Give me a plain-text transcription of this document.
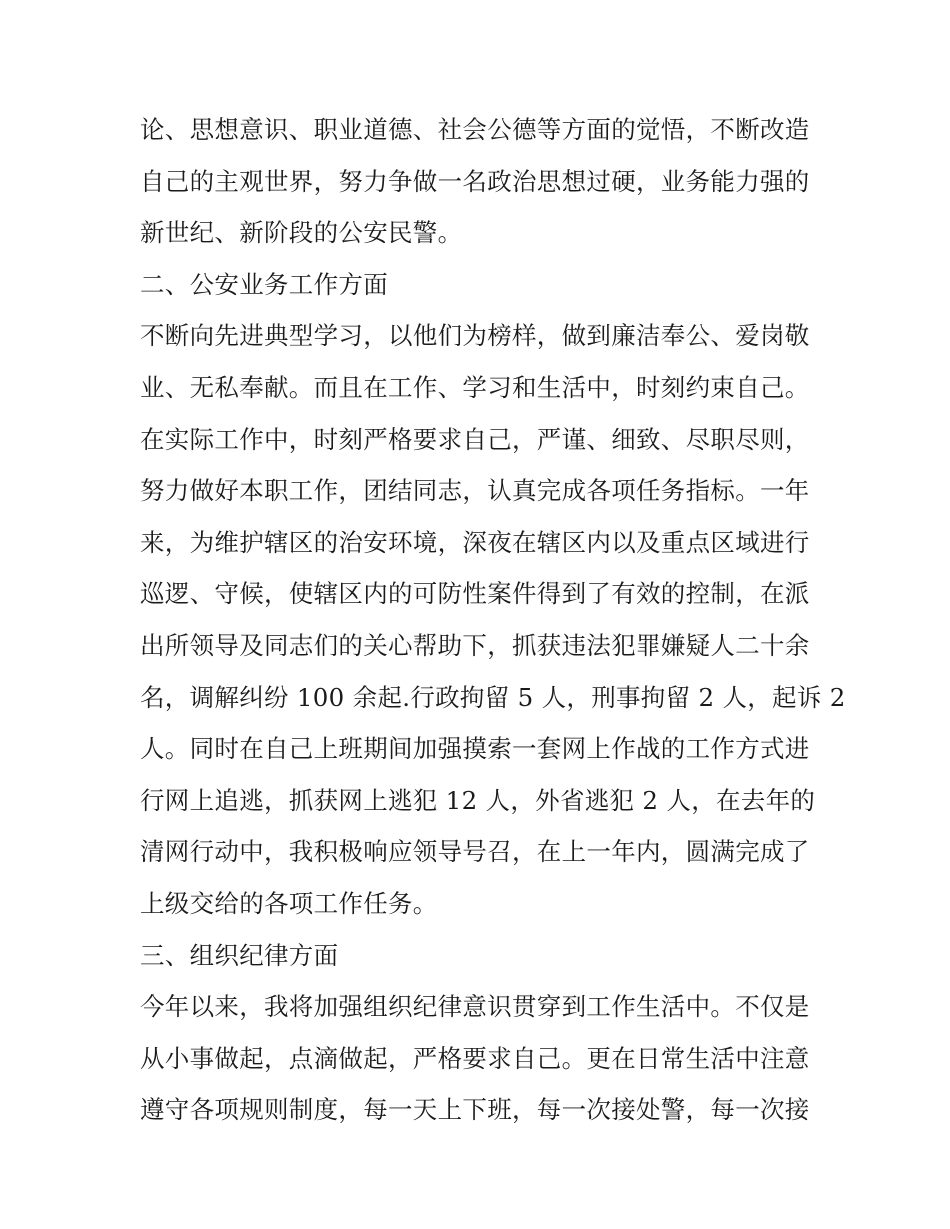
论、思想意识、职业道德、社会公德等方面的觉悟，不断改造
自己的主观世界，努力争做一名政治思想过硬，业务能力强的
新世纪、新阶段的公安民警。
二、公安业务工作方面
不断向先进典型学习，以他们为榜样，做到廉洁奉公、爱岗敬
业、无私奉献。而且在工作、学习和生活中，时刻约束自己。
在实际工作中，时刻严格要求自己，严谨、细致、尽职尽则，
努力做好本职工作，团结同志，认真完成各项任务指标。一年
来，为维护辖区的治安环境，深夜在辖区内以及重点区域进行
巡逻、守候，使辖区内的可防性案件得到了有效的控制，在派
出所领导及同志们的关心帮助下，抓获违法犯罪嫌疑人二十余
名，调解纠纷 100 余起.行政拘留 5 人，刑事拘留 2 人，起诉 2
人。同时在自己上班期间加强摸索一套网上作战的工作方式进
行网上追逃，抓获网上逃犯 12 人，外省逃犯 2 人，在去年的
清网行动中，我积极响应领导号召，在上一年内，圆满完成了
上级交给的各项工作任务。
三、组织纪律方面
今年以来，我将加强组织纪律意识贯穿到工作生活中。不仅是
从小事做起，点滴做起，严格要求自己。更在日常生活中注意
遵守各项规则制度，每一天上下班，每一次接处警，每一次接
